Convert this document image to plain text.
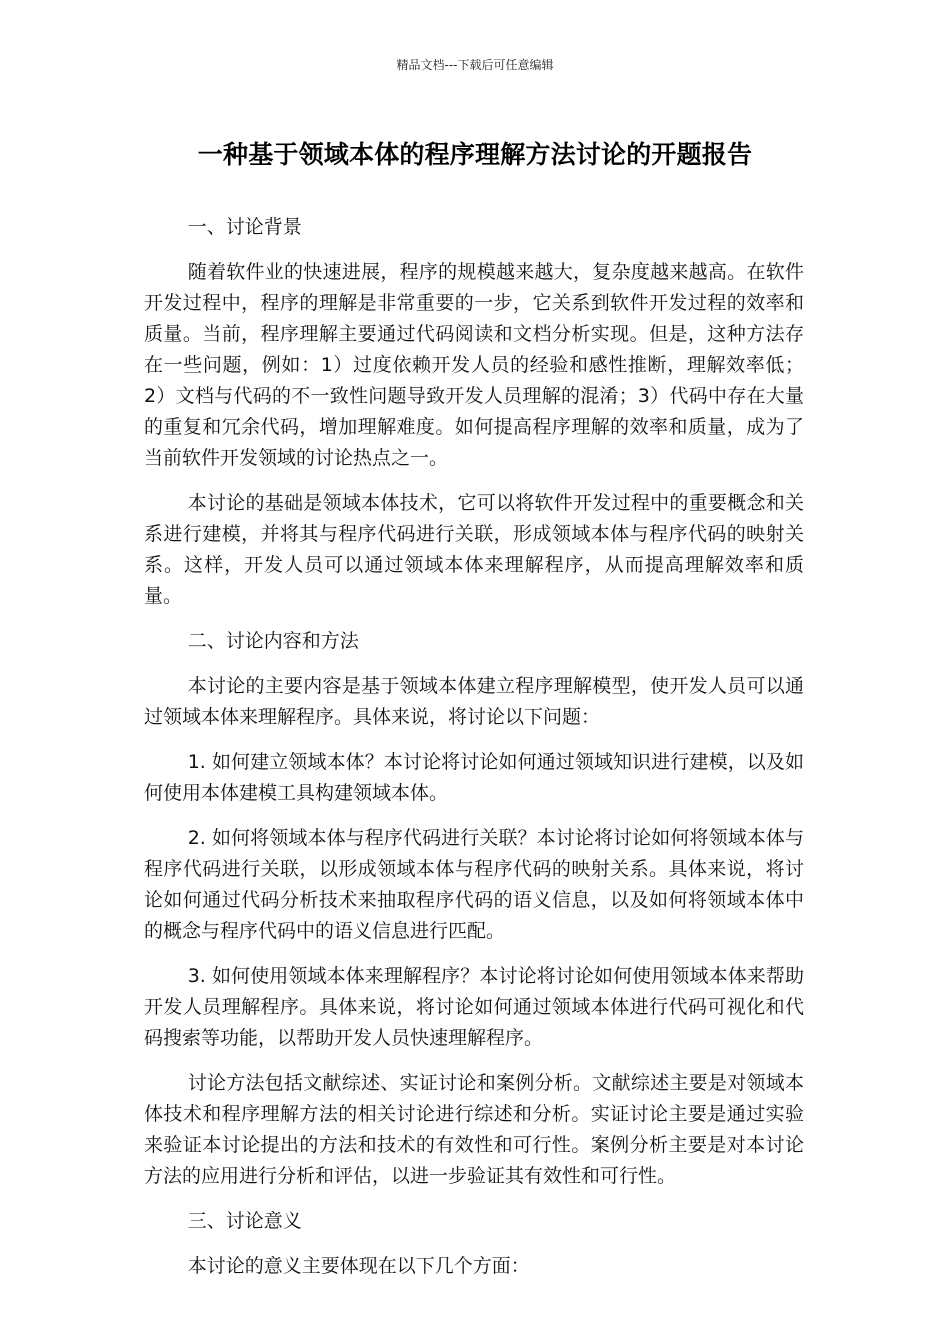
精品文档---下载后可任意编辑
一种基于领域本体的程序理解方法讨论的开题报告

一、讨论背景

随着软件业的快速进展，程序的规模越来越大，复杂度越来越高。在软件开发过程中，程序的理解是非常重要的一步，它关系到软件开发过程的效率和质量。当前，程序理解主要通过代码阅读和文档分析实现。但是，这种方法存在一些问题，例如：1）过度依赖开发人员的经验和感性推断，理解效率低；2）文档与代码的不一致性问题导致开发人员理解的混淆；3）代码中存在大量的重复和冗余代码，增加理解难度。如何提高程序理解的效率和质量，成为了当前软件开发领域的讨论热点之一。

本讨论的基础是领域本体技术，它可以将软件开发过程中的重要概念和关系进行建模，并将其与程序代码进行关联，形成领域本体与程序代码的映射关系。这样，开发人员可以通过领域本体来理解程序，从而提高理解效率和质量。

二、讨论内容和方法

本讨论的主要内容是基于领域本体建立程序理解模型，使开发人员可以通过领域本体来理解程序。具体来说，将讨论以下问题：

1. 如何建立领域本体？本讨论将讨论如何通过领域知识进行建模，以及如何使用本体建模工具构建领域本体。

2. 如何将领域本体与程序代码进行关联？本讨论将讨论如何将领域本体与程序代码进行关联，以形成领域本体与程序代码的映射关系。具体来说，将讨论如何通过代码分析技术来抽取程序代码的语义信息，以及如何将领域本体中的概念与程序代码中的语义信息进行匹配。

3. 如何使用领域本体来理解程序？本讨论将讨论如何使用领域本体来帮助开发人员理解程序。具体来说，将讨论如何通过领域本体进行代码可视化和代码搜索等功能，以帮助开发人员快速理解程序。

讨论方法包括文献综述、实证讨论和案例分析。文献综述主要是对领域本体技术和程序理解方法的相关讨论进行综述和分析。实证讨论主要是通过实验来验证本讨论提出的方法和技术的有效性和可行性。案例分析主要是对本讨论方法的应用进行分析和评估，以进一步验证其有效性和可行性。

三、讨论意义

本讨论的意义主要体现在以下几个方面：
